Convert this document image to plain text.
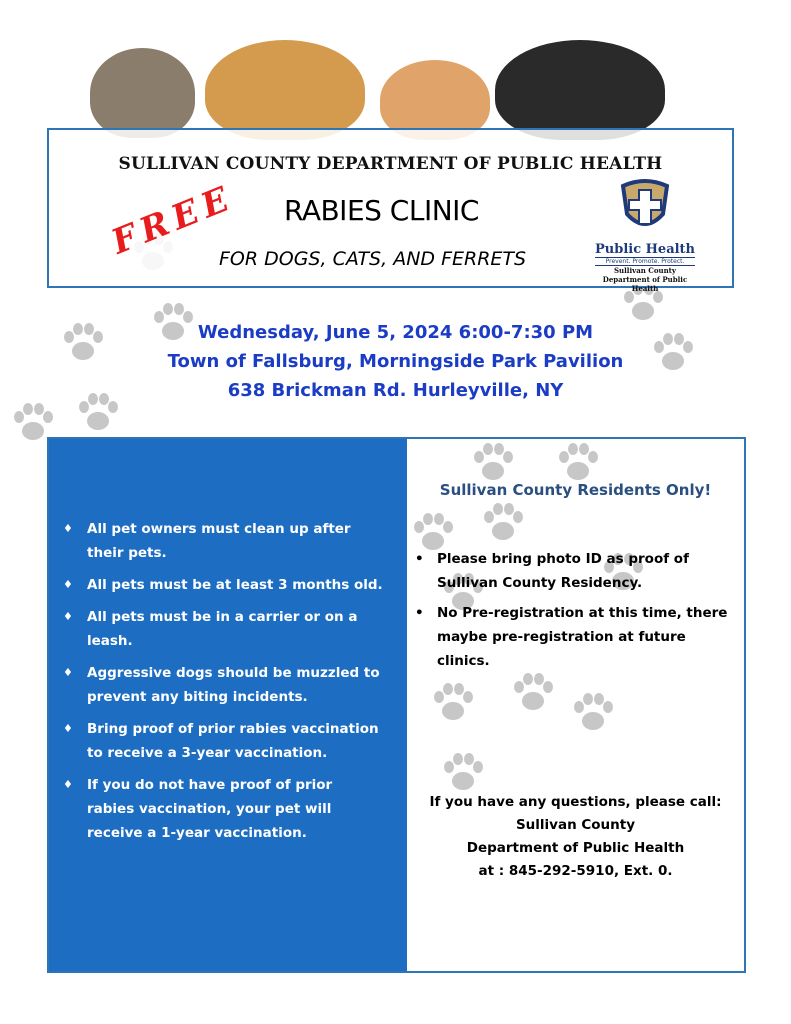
SULLIVAN COUNTY DEPARTMENT OF PUBLIC HEALTH
FREE RABIES CLINIC
FOR DOGS, CATS, AND FERRETS	Public Health
Prevent. Promote. Protect.
Sullivan County
Department of Public Health
Wednesday, June 5, 2024 6:00-7:30 PM
Town of Fallsburg, Morningside Park Pavilion
638 Brickman Rd. Hurleyville, NY
♦ All pet owners must clean up after their pets.
♦ All pets must be at least 3 months old.
♦ All pets must be in a carrier or on a leash.
♦ Aggressive dogs should be muzzled to prevent any biting incidents.
♦ Bring proof of prior rabies vaccination to receive a 3-year vaccination.
♦ If you do not have proof of prior rabies vaccination, your pet will receive a 1-year vaccination.
Sullivan County Residents Only!
• Please bring photo ID as proof of Sullivan County Residency.
• No Pre-registration at this time, there maybe pre-registration at future clinics.
If you have any questions, please call:
Sullivan County
Department of Public Health
at : 845-292-5910, Ext. 0.
